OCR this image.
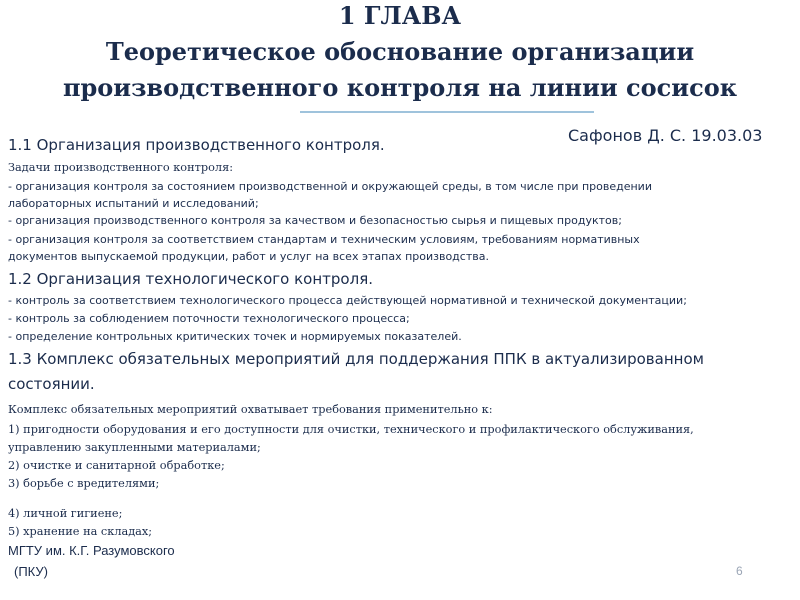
1 ГЛАВА
Теоретическое обоснование организации
производственного контроля на линии сосисок
Сафонов Д. С. 19.03.03
1.1 Организация производственного контроля.
Задачи производственного контроля:
- организация контроля за состоянием производственной и окружающей среды, в том числе при проведении
лабораторных испытаний и исследований;
- организация производственного контроля за качеством и безопасностью сырья и пищевых продуктов;
- организация контроля за соответствием стандартам и техническим условиям, требованиям нормативных
документов выпускаемой продукции, работ и услуг на всех этапах производства.
1.2 Организация технологического контроля.
- контроль за соответствием технологического процесса действующей нормативной и технической документации;
- контроль за соблюдением поточности технологического процесса;
- определение контрольных критических точек и нормируемых показателей.
1.3 Комплекс обязательных мероприятий для поддержания ППК в актуализированном
состоянии.
Комплекс обязательных мероприятий охватывает требования применительно к:
1) пригодности оборудования и его доступности для очистки, технического и профилактического обслуживания,
управлению закупленными материалами;
2) очистке и санитарной обработке;
3) борьбе с вредителями;
4) личной гигиене;
5) хранение на складах;
МГТУ им. К.Г. Разумовского
(ПКУ)	6
